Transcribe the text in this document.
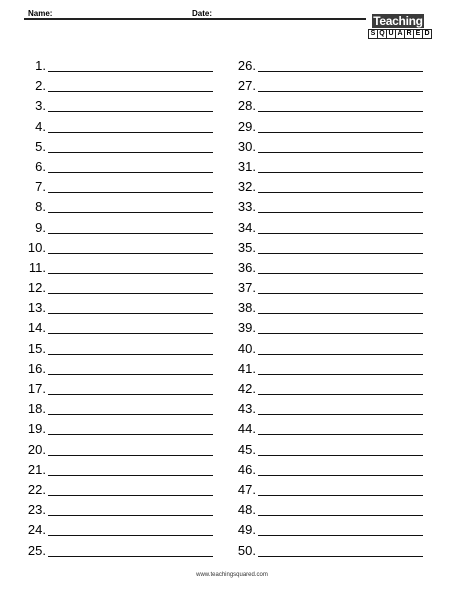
Name:	Date:
Teaching
S Q U A R E D
1.
2.
3.
4.
5.
6.
7.
8.
9.
10.
11.
12.
13.
14.
15.
16.
17.
18.
19.
20.
21.
22.
23.
24.
25.
26.
27.
28.
29.
30.
31.
32.
33.
34.
35.
36.
37.
38.
39.
40.
41.
42.
43.
44.
45.
46.
47.
48.
49.
50.
www.teachingsquared.com
